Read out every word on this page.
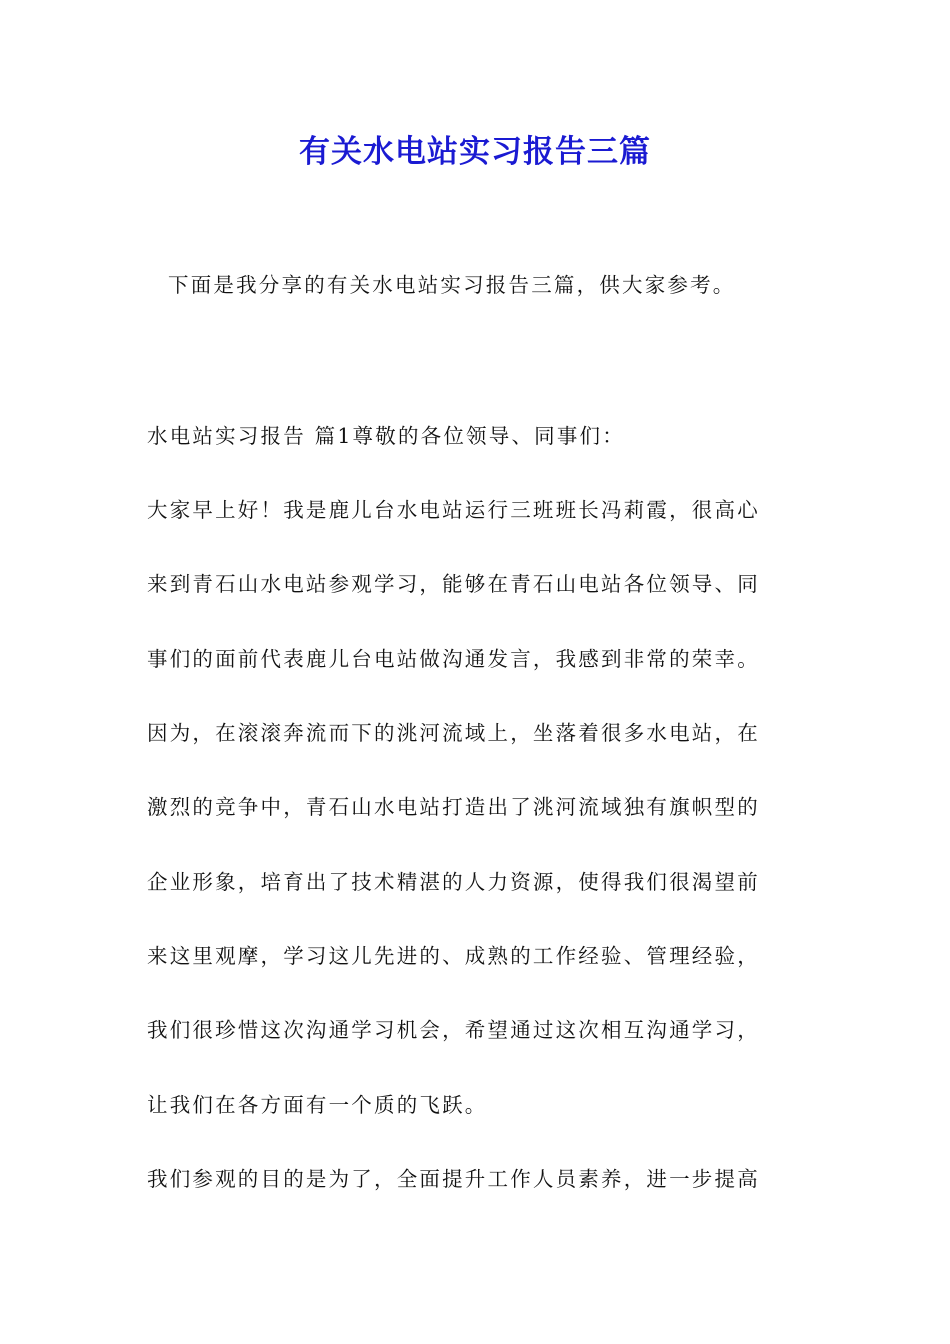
有关水电站实习报告三篇

下面是我分享的有关水电站实习报告三篇，供大家参考。

水电站实习报告 篇1尊敬的各位领导、同事们：

大家早上好！我是鹿儿台水电站运行三班班长冯莉霞，很高心

来到青石山水电站参观学习，能够在青石山电站各位领导、同

事们的面前代表鹿儿台电站做沟通发言，我感到非常的荣幸。

因为，在滚滚奔流而下的洮河流域上，坐落着很多水电站，在

激烈的竞争中，青石山水电站打造出了洮河流域独有旗帜型的

企业形象，培育出了技术精湛的人力资源，使得我们很渴望前

来这里观摩，学习这儿先进的、成熟的工作经验、管理经验，

我们很珍惜这次沟通学习机会，希望通过这次相互沟通学习，

让我们在各方面有一个质的飞跃。

我们参观的目的是为了，全面提升工作人员素养，进一步提高
